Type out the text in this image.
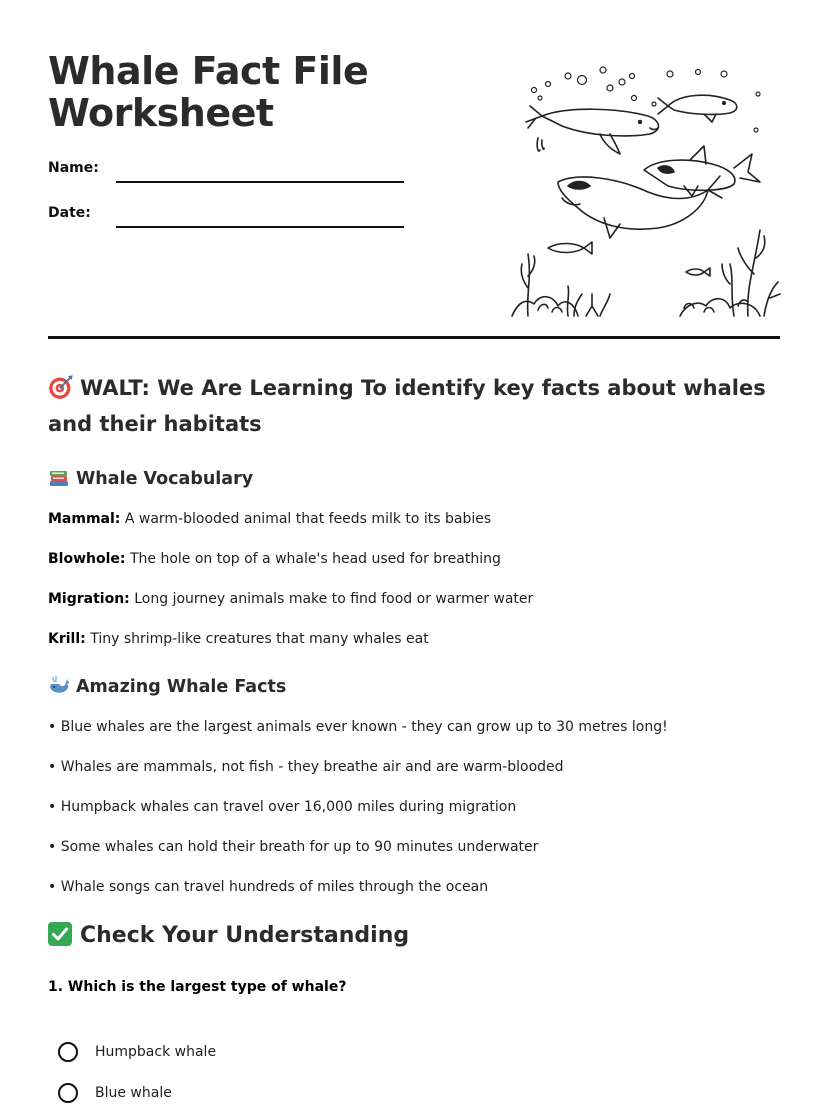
Whale Fact File Worksheet
Name:
Date:
WALT: We Are Learning To identify key facts about whales and their habitats
Whale Vocabulary
Mammal: A warm-blooded animal that feeds milk to its babies
Blowhole: The hole on top of a whale's head used for breathing
Migration: Long journey animals make to find food or warmer water
Krill: Tiny shrimp-like creatures that many whales eat
Amazing Whale Facts
• Blue whales are the largest animals ever known - they can grow up to 30 metres long!
• Whales are mammals, not fish - they breathe air and are warm-blooded
• Humpback whales can travel over 16,000 miles during migration
• Some whales can hold their breath for up to 90 minutes underwater
• Whale songs can travel hundreds of miles through the ocean
Check Your Understanding
1. Which is the largest type of whale?
Humpback whale
Blue whale
